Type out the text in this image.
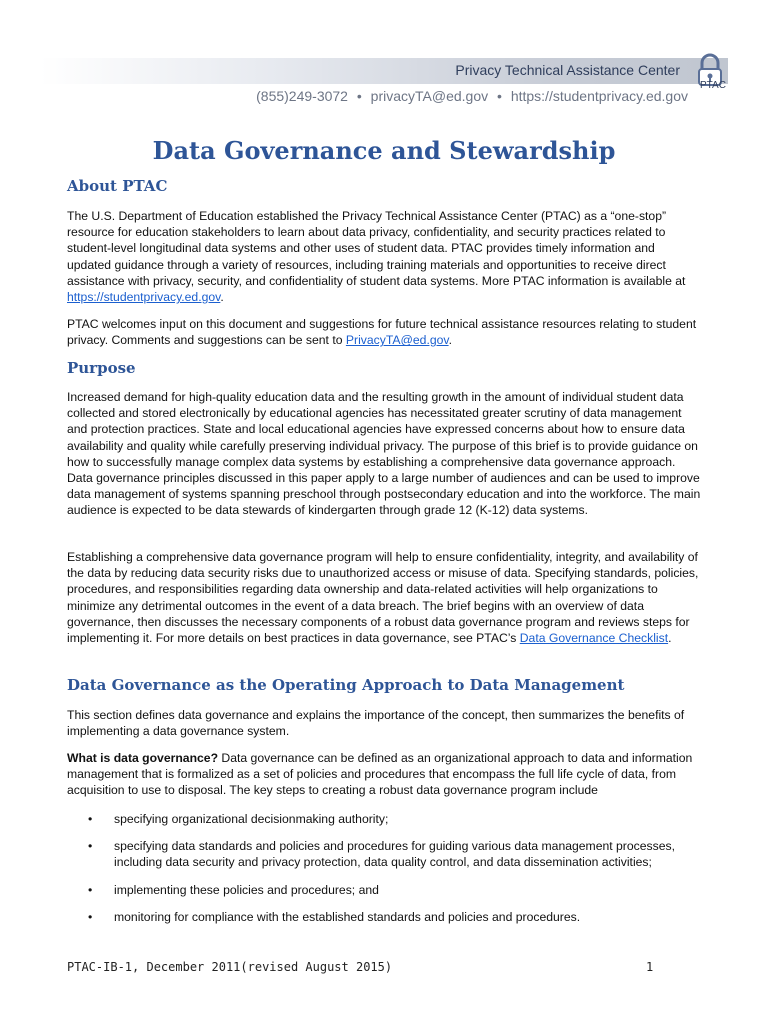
Privacy Technical Assistance Center
PTAC
(855)249-3072 • privacyTA@ed.gov • https://studentprivacy.ed.gov
Data Governance and Stewardship
About PTAC
The U.S. Department of Education established the Privacy Technical Assistance Center (PTAC) as a “one-stop” resource for education stakeholders to learn about data privacy, confidentiality, and security practices related to student-level longitudinal data systems and other uses of student data. PTAC provides timely information and updated guidance through a variety of resources, including training materials and opportunities to receive direct assistance with privacy, security, and confidentiality of student data systems. More PTAC information is available at https://studentprivacy.ed.gov.
PTAC welcomes input on this document and suggestions for future technical assistance resources relating to student privacy. Comments and suggestions can be sent to PrivacyTA@ed.gov.
Purpose
Increased demand for high-quality education data and the resulting growth in the amount of individual student data collected and stored electronically by educational agencies has necessitated greater scrutiny of data management and protection practices. State and local educational agencies have expressed concerns about how to ensure data availability and quality while carefully preserving individual privacy. The purpose of this brief is to provide guidance on how to successfully manage complex data systems by establishing a comprehensive data governance approach. Data governance principles discussed in this paper apply to a large number of audiences and can be used to improve data management of systems spanning preschool through postsecondary education and into the workforce. The main audience is expected to be data stewards of kindergarten through grade 12 (K-12) data systems.
Establishing a comprehensive data governance program will help to ensure confidentiality, integrity, and availability of the data by reducing data security risks due to unauthorized access or misuse of data. Specifying standards, policies, procedures, and responsibilities regarding data ownership and data-related activities will help organizations to minimize any detrimental outcomes in the event of a data breach. The brief begins with an overview of data governance, then discusses the necessary components of a robust data governance program and reviews steps for implementing it. For more details on best practices in data governance, see PTAC’s Data Governance Checklist.
Data Governance as the Operating Approach to Data Management
This section defines data governance and explains the importance of the concept, then summarizes the benefits of implementing a data governance system.
What is data governance? Data governance can be defined as an organizational approach to data and information management that is formalized as a set of policies and procedures that encompass the full life cycle of data, from acquisition to use to disposal. The key steps to creating a robust data governance program include
• specifying organizational decisionmaking authority;
• specifying data standards and policies and procedures for guiding various data management processes, including data security and privacy protection, data quality control, and data dissemination activities;
• implementing these policies and procedures; and
• monitoring for compliance with the established standards and policies and procedures.
PTAC-IB-1, December 2011(revised August 2015)	1
